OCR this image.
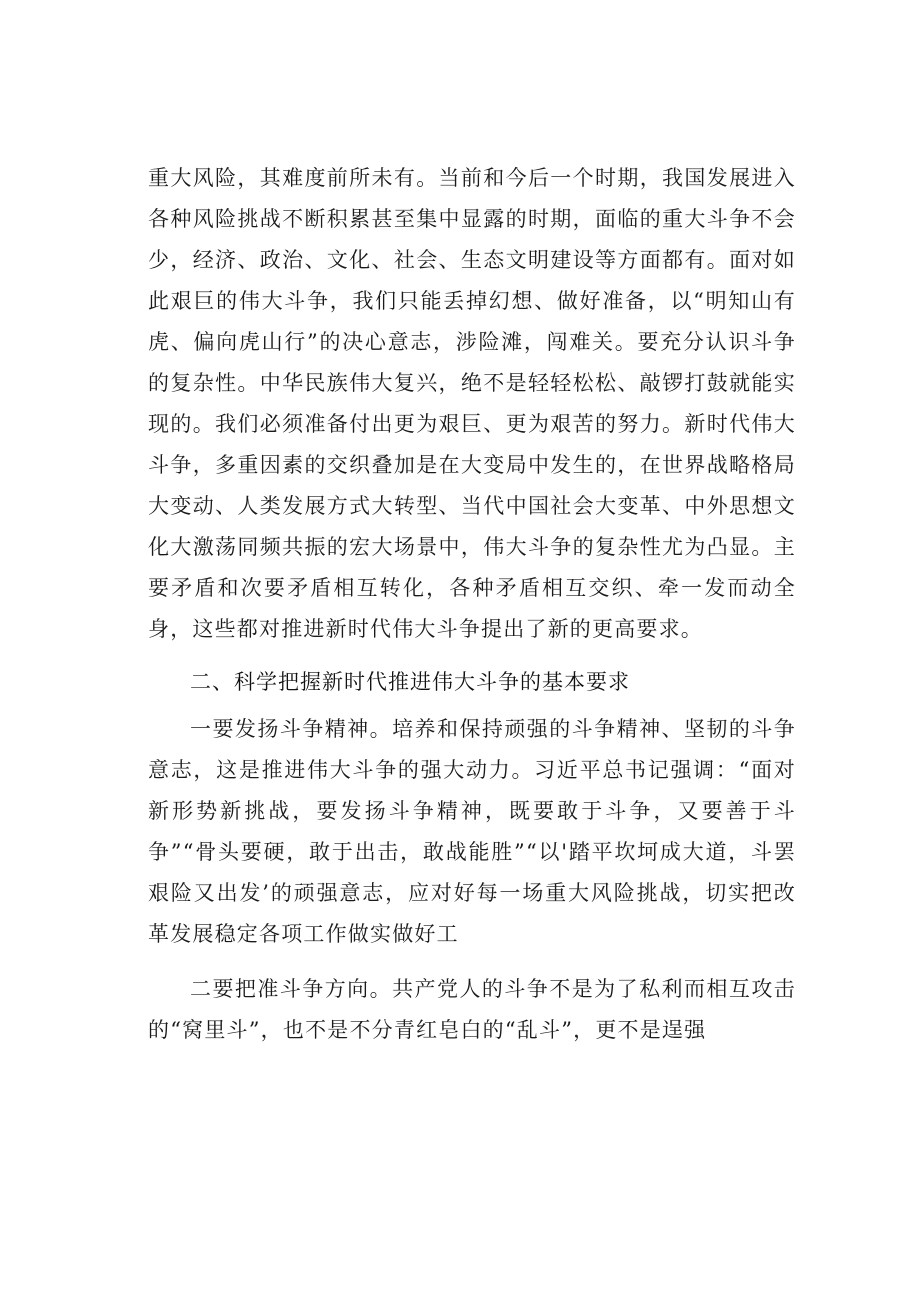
重大风险，其难度前所未有。当前和今后一个时期，我国发展进入各种风险挑战不断积累甚至集中显露的时期，面临的重大斗争不会少，经济、政治、文化、社会、生态文明建设等方面都有。面对如此艰巨的伟大斗争，我们只能丢掉幻想、做好准备，以“明知山有虎、偏向虎山行”的决心意志，涉险滩，闯难关。要充分认识斗争的复杂性。中华民族伟大复兴，绝不是轻轻松松、敲锣打鼓就能实现的。我们必须准备付出更为艰巨、更为艰苦的努力。新时代伟大斗争，多重因素的交织叠加是在大变局中发生的，在世界战略格局大变动、人类发展方式大转型、当代中国社会大变革、中外思想文化大激荡同频共振的宏大场景中，伟大斗争的复杂性尤为凸显。主要矛盾和次要矛盾相互转化，各种矛盾相互交织、牵一发而动全身，这些都对推进新时代伟大斗争提出了新的更高要求。

二、科学把握新时代推进伟大斗争的基本要求

一要发扬斗争精神。培养和保持顽强的斗争精神、坚韧的斗争意志，这是推进伟大斗争的强大动力。习近平总书记强调：“面对新形势新挑战，要发扬斗争精神，既要敢于斗争，又要善于斗争”“骨头要硬，敢于出击，敢战能胜”“以'踏平坎坷成大道，斗罢艰险又出发’的顽强意志，应对好每一场重大风险挑战，切实把改革发展稳定各项工作做实做好工

二要把准斗争方向。共产党人的斗争不是为了私利而相互攻击的“窝里斗”，也不是不分青红皂白的“乱斗”，更不是逞强
